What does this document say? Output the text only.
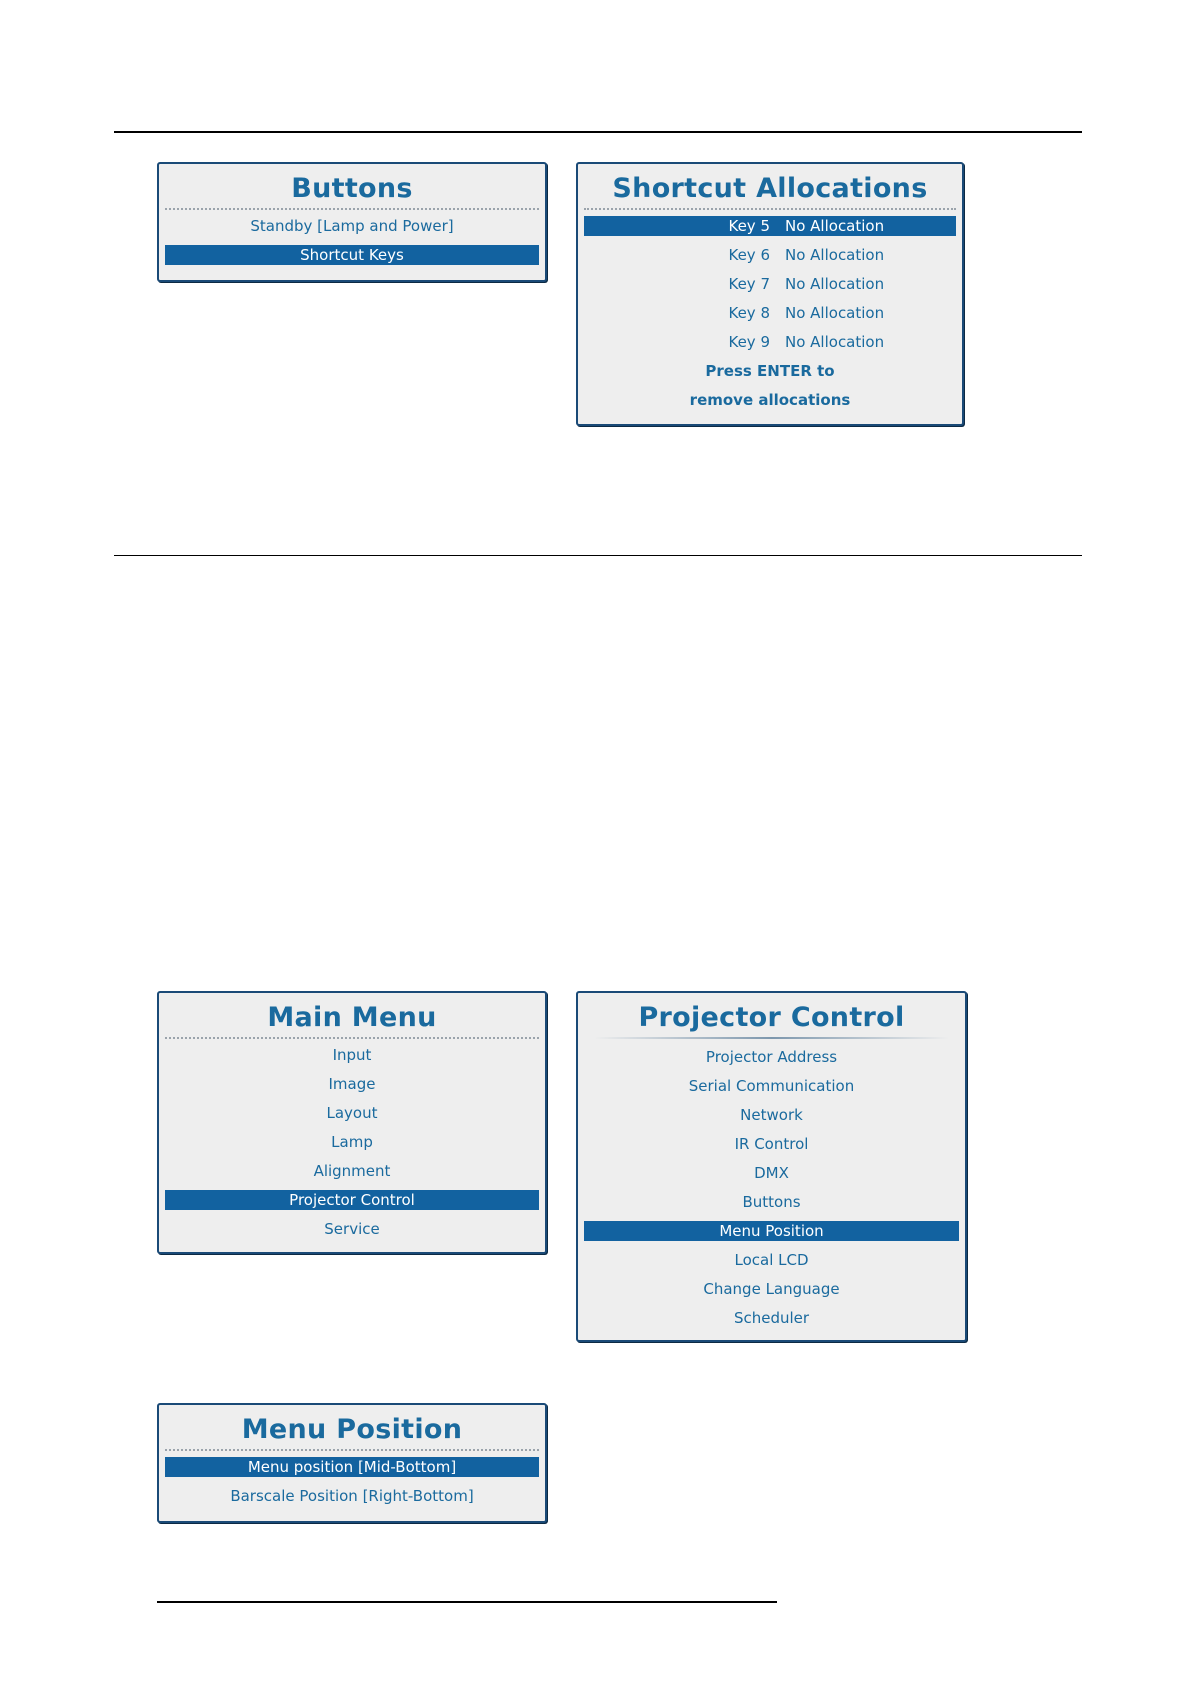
Buttons
Standby [Lamp and Power]
Shortcut Keys
Shortcut Allocations
Key 5 No Allocation
Key 6 No Allocation
Key 7 No Allocation
Key 8 No Allocation
Key 9 No Allocation
Press ENTER to
remove allocations
Main Menu
Input
Image
Layout
Lamp
Alignment
Projector Control
Service
Projector Control
Projector Address
Serial Communication
Network
IR Control
DMX
Buttons
Menu Position
Local LCD
Change Language
Scheduler
Menu Position
Menu position [Mid-Bottom]
Barscale Position [Right-Bottom]
